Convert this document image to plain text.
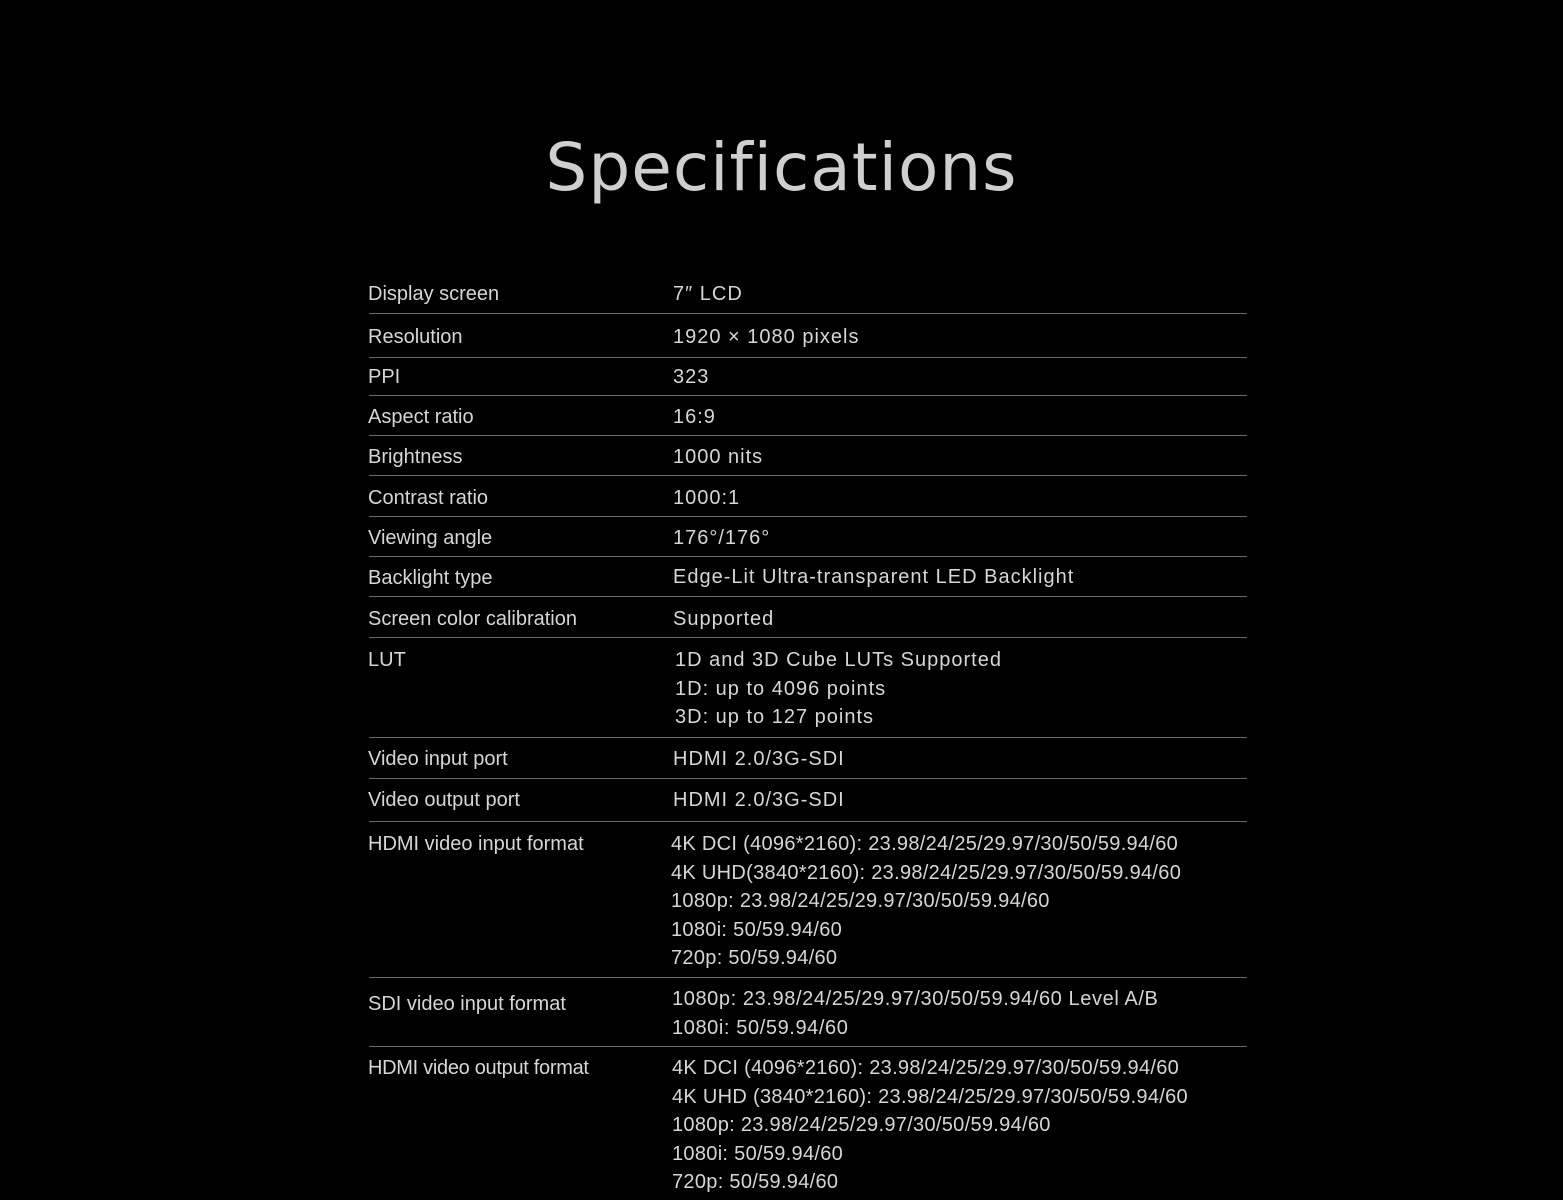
Specifications
Display screen	7″ LCD
Resolution	1920 × 1080 pixels
PPI	323
Aspect ratio	16:9
Brightness	1000 nits
Contrast ratio	1000:1
Viewing angle	176°/176°
Backlight type	Edge-Lit Ultra-transparent LED Backlight
Screen color calibration	Supported
LUT	1D and 3D Cube LUTs Supported
1D: up to 4096 points
3D: up to 127 points
Video input port	HDMI 2.0/3G-SDI
Video output port	HDMI 2.0/3G-SDI
HDMI video input format	4K DCI (4096*2160): 23.98/24/25/29.97/30/50/59.94/60
4K UHD(3840*2160): 23.98/24/25/29.97/30/50/59.94/60
1080p: 23.98/24/25/29.97/30/50/59.94/60
1080i: 50/59.94/60
720p: 50/59.94/60
SDI video input format	1080p: 23.98/24/25/29.97/30/50/59.94/60 Level A/B
1080i: 50/59.94/60
HDMI video output format	4K DCI (4096*2160): 23.98/24/25/29.97/30/50/59.94/60
4K UHD (3840*2160): 23.98/24/25/29.97/30/50/59.94/60
1080p: 23.98/24/25/29.97/30/50/59.94/60
1080i: 50/59.94/60
720p: 50/59.94/60
